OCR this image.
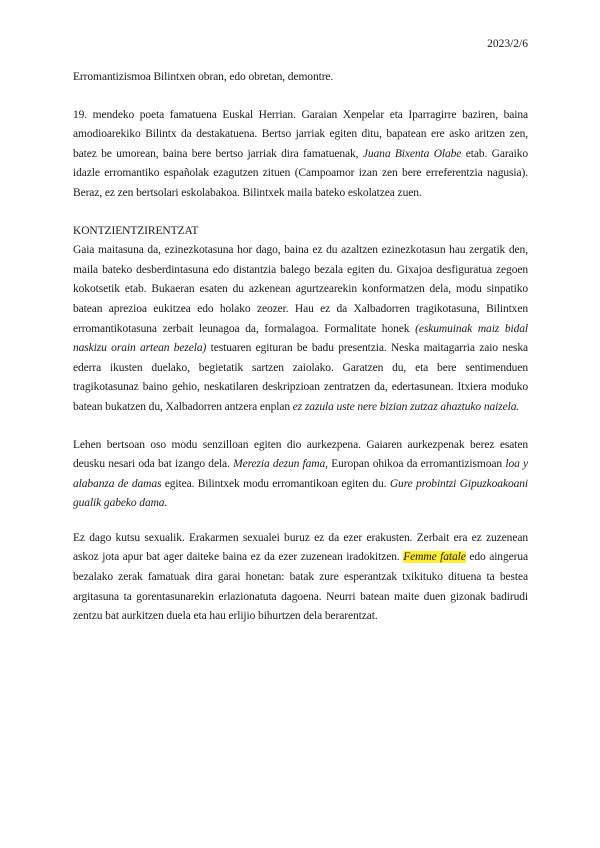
2023/2/6

Erromantizismoa Bilintxen obran, edo obretan, demontre.

19. mendeko poeta famatuena Euskal Herrian. Garaian Xenpelar eta Iparragirre baziren, baina amodioarekiko Bilintx da destakatuena. Bertso jarriak egiten ditu, bapatean ere asko aritzen zen, batez be umorean, baina bere bertso jarriak dira famatuenak, Juana Bixenta Olabe etab. Garaiko idazle erromantiko españolak ezagutzen zituen (Campoamor izan zen bere erreferentzia nagusia). Beraz, ez zen bertsolari eskolabakoa. Bilintxek maila bateko eskolatzea zuen.

KONTZIENTZIRENTZAT

Gaia maitasuna da, ezinezkotasuna hor dago, baina ez du azaltzen ezinezkotasun hau zergatik den, maila bateko desberdintasuna edo distantzia balego bezala egiten du. Gixajoa desfiguratua zegoen kokotsetik etab. Bukaeran esaten du azkenean agurtzearekin konformatzen dela, modu sinpatiko batean aprezioa eukitzea edo holako zeozer. Hau ez da Xalbadorren tragikotasuna, Bilintxen erromantikotasuna zerbait leunagoa da, formalagoa. Formalitate honek (eskumuinak maiz bidal naskizu orain artean bezela) testuaren egituran be badu presentzia. Neska maitagarria zaio neska ederra ikusten duelako, begietatik sartzen zaiolako. Garatzen du, eta bere sentimenduen tragikotasunaz baino gehio, neskatilaren deskripzioan zentratzen da, edertasunean. Itxiera moduko batean bukatzen du, Xalbadorren antzera enplan ez zazula uste nere bizian zutzaz ahaztuko naizela.

Lehen bertsoan oso modu senzilloan egiten dio aurkezpena. Gaiaren aurkezpenak berez esaten deusku nesari oda bat izango dela. Merezia dezun fama, Europan ohikoa da erromantizismoan loa y alabanza de damas egitea. Bilintxek modu erromantikoan egiten du. Gure probintzi Gipuzkoakoani gualik gabeko dama.

Ez dago kutsu sexualik. Erakarmen sexualei buruz ez da ezer erakusten. Zerbait era ez zuzenean askoz jota apur bat ager daiteke baina ez da ezer zuzenean iradokitzen. Femme fatale edo aingerua bezalako zerak famatuak dira garai honetan: batak zure esperantzak txikituko dituena ta bestea argitasuna ta gorentasunarekin erlazionatuta dagoena. Neurri batean maite duen gizonak badirudi zentzu bat aurkitzen duela eta hau erlijio bihurtzen dela berarentzat.
